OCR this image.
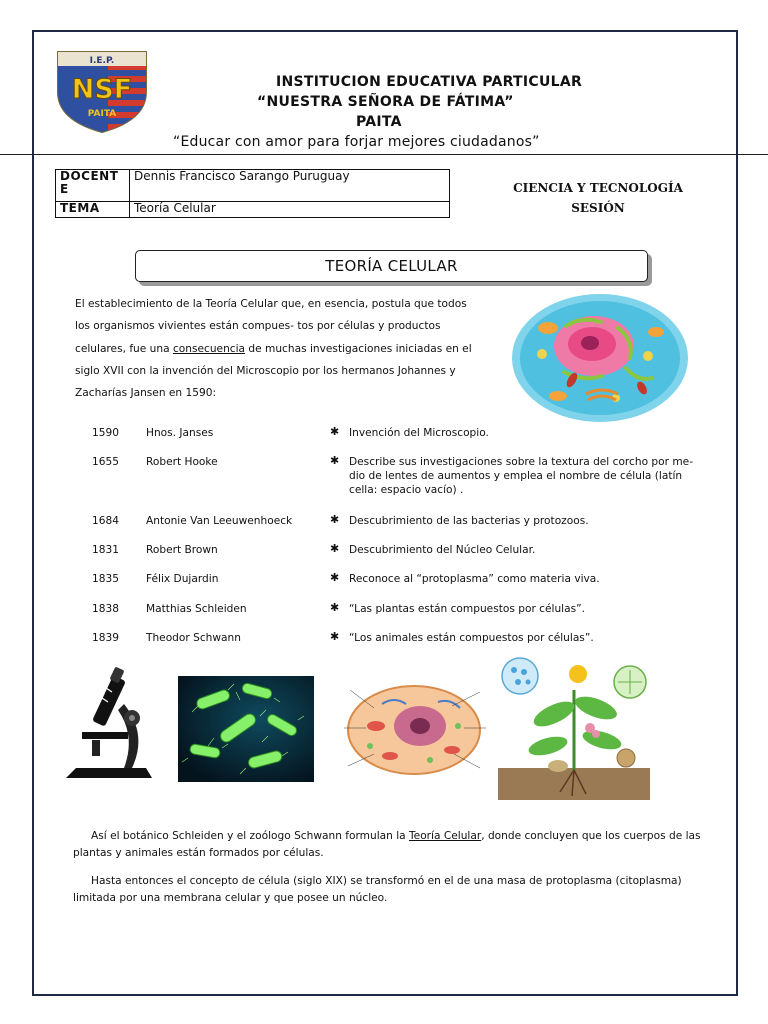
I.E.P.
NSF
PAITA
INSTITUCION EDUCATIVA PARTICULAR
“NUESTRA SEÑORA DE FÁTIMA”
PAITA
“Educar con amor para forjar mejores ciudadanos”
DOCENT E	Dennis Francisco Sarango Puruguay
TEMA	Teoría Celular
CIENCIA Y TECNOLOGÍA
SESIÓN
TEORÍA CELULAR
El establecimiento de la Teoría Celular que, en esencia, postula que todos los organismos vivientes están compues- tos por células y productos celulares, fue una consecuencia de muchas investigaciones iniciadas en el siglo XVII con la invención del Microscopio por los hermanos Johannes y Zacharías Jansen en 1590:
1590	Hnos. Janses	✱ Invención del Microscopio.
1655	Robert Hooke	✱ Describe sus investigaciones sobre la textura del corcho por me- dio de lentes de aumentos y emplea el nombre de célula (latín cella: espacio vacío) .
1684	Antonie Van Leeuwenhoeck	✱ Descubrimiento de las bacterias y protozoos.
1831	Robert Brown	✱ Descubrimiento del Núcleo Celular.
1835	Félix Dujardin	✱ Reconoce al “protoplasma” como materia viva.
1838	Matthias Schleiden	✱ “Las plantas están compuestos por células”.
1839	Theodor Schwann	✱ “Los animales están compuestos por células”.
Así el botánico Schleiden y el zoólogo Schwann formulan la Teoría Celular, donde concluyen que los cuerpos de las plantas y animales están formados por células.
Hasta entonces el concepto de célula (siglo XIX) se transformó en el de una masa de protoplasma (citoplasma) limitada por una membrana celular y que posee un núcleo.
